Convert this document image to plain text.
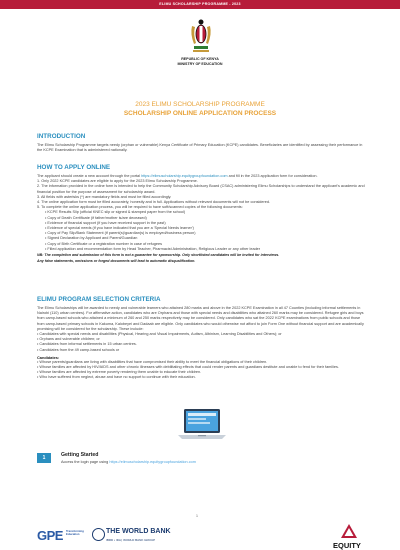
ELIMU SCHOLARSHIP PROGRAMME - 2023
REPUBLIC OF KENYA
MINISTRY OF EDUCATION
2023 ELIMU SCHOLARSHIP PROGRAMME
SCHOLARSHIP ONLINE APPLICATION PROCESS
INTRODUCTION

The Elimu Scholarship Programme targets needy (orphan or vulnerable) Kenya Certificate of Primary Education (KCPE) candidates. Beneficiaries are identified by assessing their performance in the KCPE Examination that is administered nationally.

HOW TO APPLY ONLINE

The applicant should create a new account through the portal https://elimuscholarship.equitygroupfoundation.com and fill in the 2023 application form for consideration.

1. Only 2022 KCPE candidates are eligible to apply for the 2023 Elimu Scholarship Programme.
2. The information provided in the online form is intended to help the Community Scholarship Advisory Board (CSAC) administering Elimu Scholarships to understand the applicant's academic and financial position for the purpose of assessment for scholarship award.
3. All fields with asterisks (*) are mandatory fields and must be filled accordingly.
4. The online application form must be filled accurately, honestly and in full. Applications without relevant documents will not be considered.
5. To complete the online application process, you will be required to have soft/scanned copies of the following documents:
• KCPE Results Slip (official KNEC slip or signed & stamped paper from the school)
• Copy of Death Certificate (if father/mother is/are deceased)
• Evidence of financial support (if you have received support in the past)
• Evidence of special needs (if you have indicated that you are a 'Special Needs learner')
• Copy of Pay Slip/Bank Statement (if parent(s)/guardian(s) is employed/business person)
• Signed Declaration by Applicant and Parent/Guardian
• Copy of Birth Certificate or a registration number in case of refugees
• Filled application and recommendation form by Head Teacher, Pharmacist Administration, Religious Leader or any other leader
NB: The completion and submission of this form is not a guarantee for sponsorship. Only shortlisted candidates will be invited for interviews.
Any false statements, omissions or forged documents will lead to automatic disqualification.
ELIMU PROGRAM SELECTION CRITERIA

The Elimu Scholarships will be awarded to needy and vulnerable learners who attained 280 marks and above in the 2022 KCPE Examination in all 47 Counties (including informal settlements in Nairobi (110) urban centres). For affirmative action, candidates who are Orphans and those with special needs and disabilities who attained 260 marks may be considered. Refugee girls and boys from camp-based schools who attained a minimum of 260 and 250 marks respectively may be considered. Only candidates who sat the 2022 KCPE examinations from public schools and those from camp-based primary schools in Kakuma, Kalobeyei and Dadaab are eligible. Only candidates who would otherwise not afford to join Form One without financial support and are academically promising will be considered for the scholarship. These include:

• Candidates with special needs and disabilities (Physical, Hearing and Visual Impairments, Autism, Albinism, Learning Disabilities and Others); or
• Orphans and vulnerable children; or
• Candidates from informal settlements in 15 urban centres.
• Candidates from the 49 camp-based schools or
Candidates:
• Whose parents/guardians are living with disabilities that have compromised their ability to meet the financial obligations of their children.
• Whose families are affected by HIV/AIDS and other chronic illnesses with debilitating effects that could render parents and guardians destitute and unable to fend for their families.
• Whose families are affected by extreme poverty rendering them unable to educate their children.
• Who have suffered from neglect, abuse and have no support to continue with their education.
1	Getting Started
Access the login page using https://elimuscholarship.equitygroupfoundation.com
1
GPE Transforming
Education	THE WORLD BANK
IBRD • IDA | WORLD BANK GROUP
EQUITY
